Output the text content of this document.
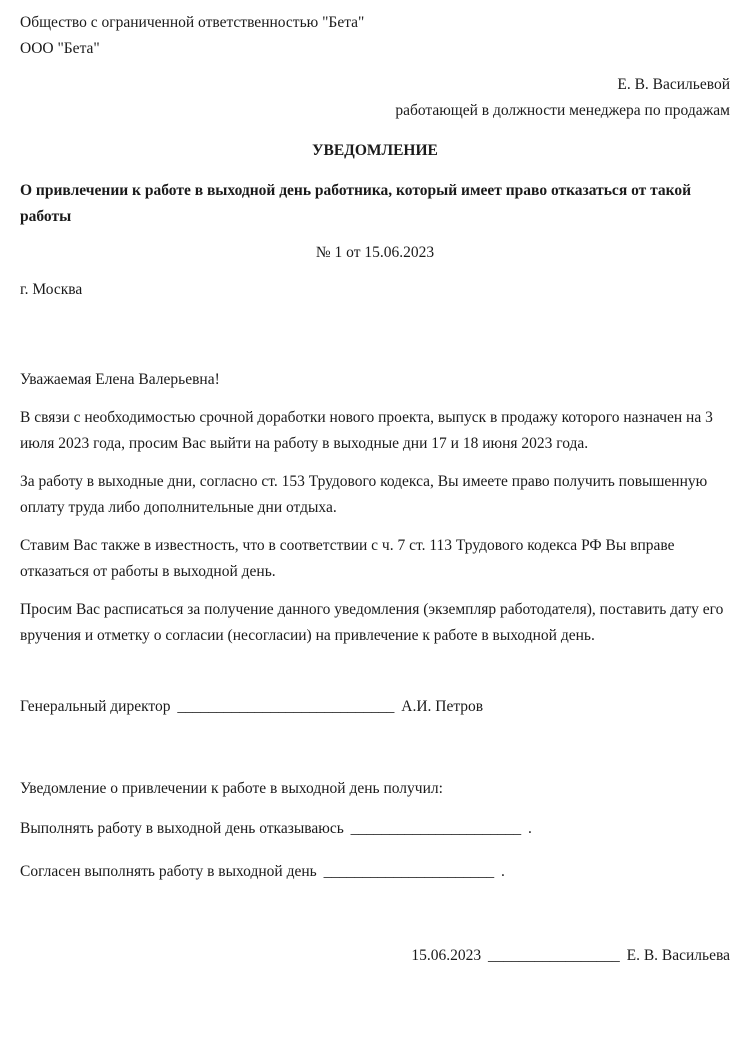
Общество с ограниченной ответственностью "Бета"

ООО "Бета"

Е. В. Васильевой

работающей в должности менеджера по продажам

УВЕДОМЛЕНИЕ

О привлечении к работе в выходной день работника, который имеет право отказаться от такой работы

№ 1 от 15.06.2023

г. Москва

Уважаемая Елена Валерьевна!

В связи с необходимостью срочной доработки нового проекта, выпуск в продажу которого назначен на 3 июля 2023 года, просим Вас выйти на работу в выходные дни 17 и 18 июня 2023 года.

За работу в выходные дни, согласно ст. 153 Трудового кодекса, Вы имеете право получить повышенную оплату труда либо дополнительные дни отдыха.

Ставим Вас также в известность, что в соответствии с ч. 7 ст. 113 Трудового кодекса РФ Вы вправе отказаться от работы в выходной день.

Просим Вас расписаться за получение данного уведомления (экземпляр работодателя), поставить дату его вручения и отметку о согласии (несогласии) на привлечение к работе в выходной день.

Генеральный директор ____________________________ А.И. Петров

Уведомление о привлечении к работе в выходной день получил:

Выполнять работу в выходной день отказываюсь ______________________ .

Согласен выполнять работу в выходной день ______________________ .

15.06.2023 _________________ Е. В. Васильева
